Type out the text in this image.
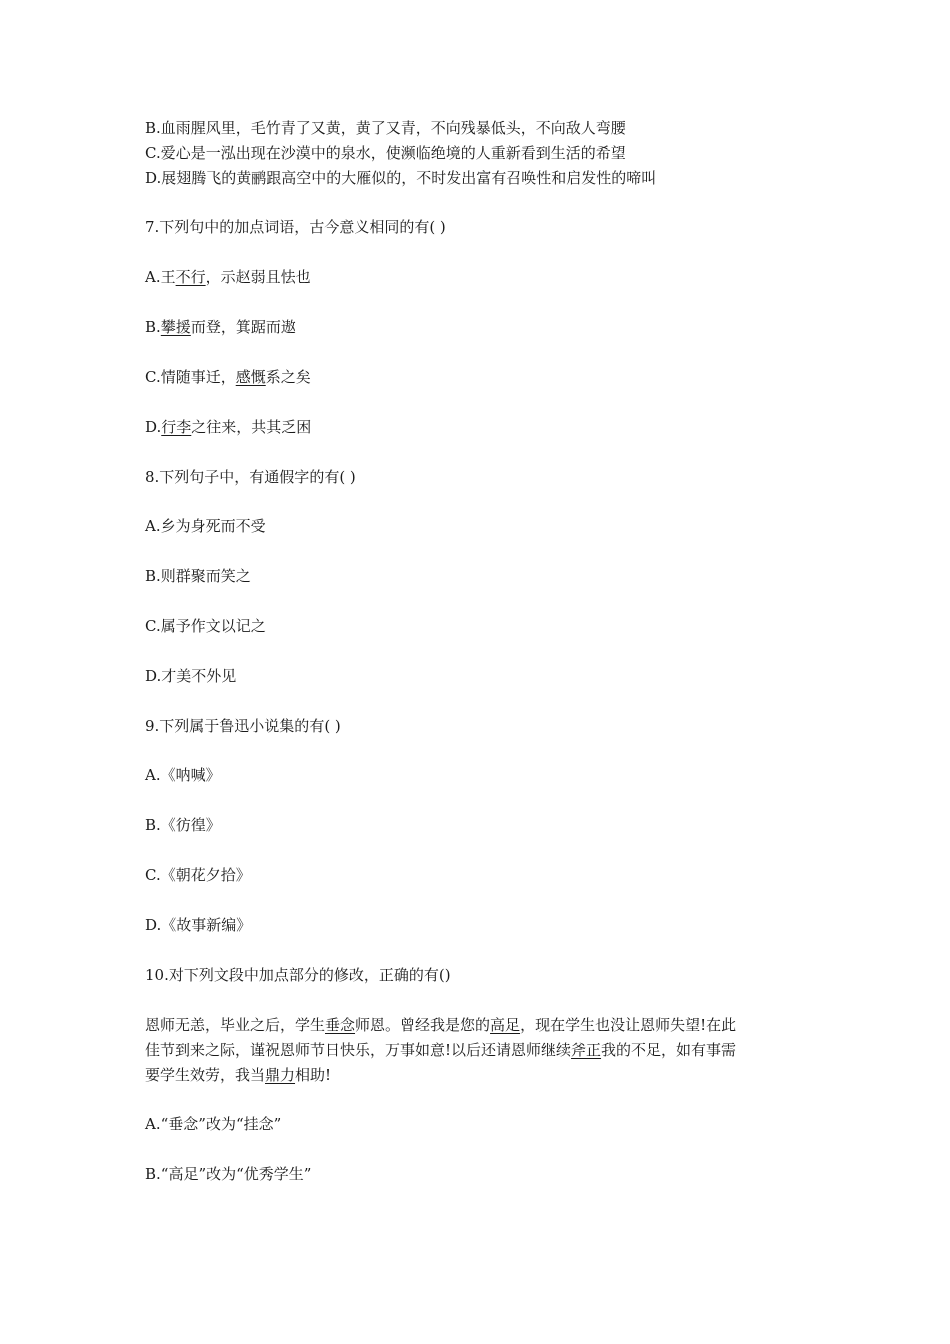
B.血雨腥风里，毛竹青了又黄，黄了又青，不向残暴低头，不向敌人弯腰
C.爱心是一泓出现在沙漠中的泉水，使濒临绝境的人重新看到生活的希望
D.展翅腾飞的黄鹂跟高空中的大雁似的，不时发出富有召唤性和启发性的啼叫
7.下列句中的加点词语，古今意义相同的有( )
A.王不行，示赵弱且怯也
B.攀援而登，箕踞而遨
C.情随事迁，感慨系之矣
D.行李之往来，共其乏困
8.下列句子中，有通假字的有( )
A.乡为身死而不受
B.则群聚而笑之
C.属予作文以记之
D.才美不外见
9.下列属于鲁迅小说集的有( )
A.《呐喊》
B.《彷徨》
C.《朝花夕拾》
D.《故事新编》
10.对下列文段中加点部分的修改，正确的有()
恩师无恙，毕业之后，学生垂念师恩。曾经我是您的高足，现在学生也没让恩师失望!在此
佳节到来之际，谨祝恩师节日快乐，万事如意!以后还请恩师继续斧正我的不足，如有事需
要学生效劳，我当鼎力相助!
A.“垂念”改为“挂念”
B.“高足”改为“优秀学生”
